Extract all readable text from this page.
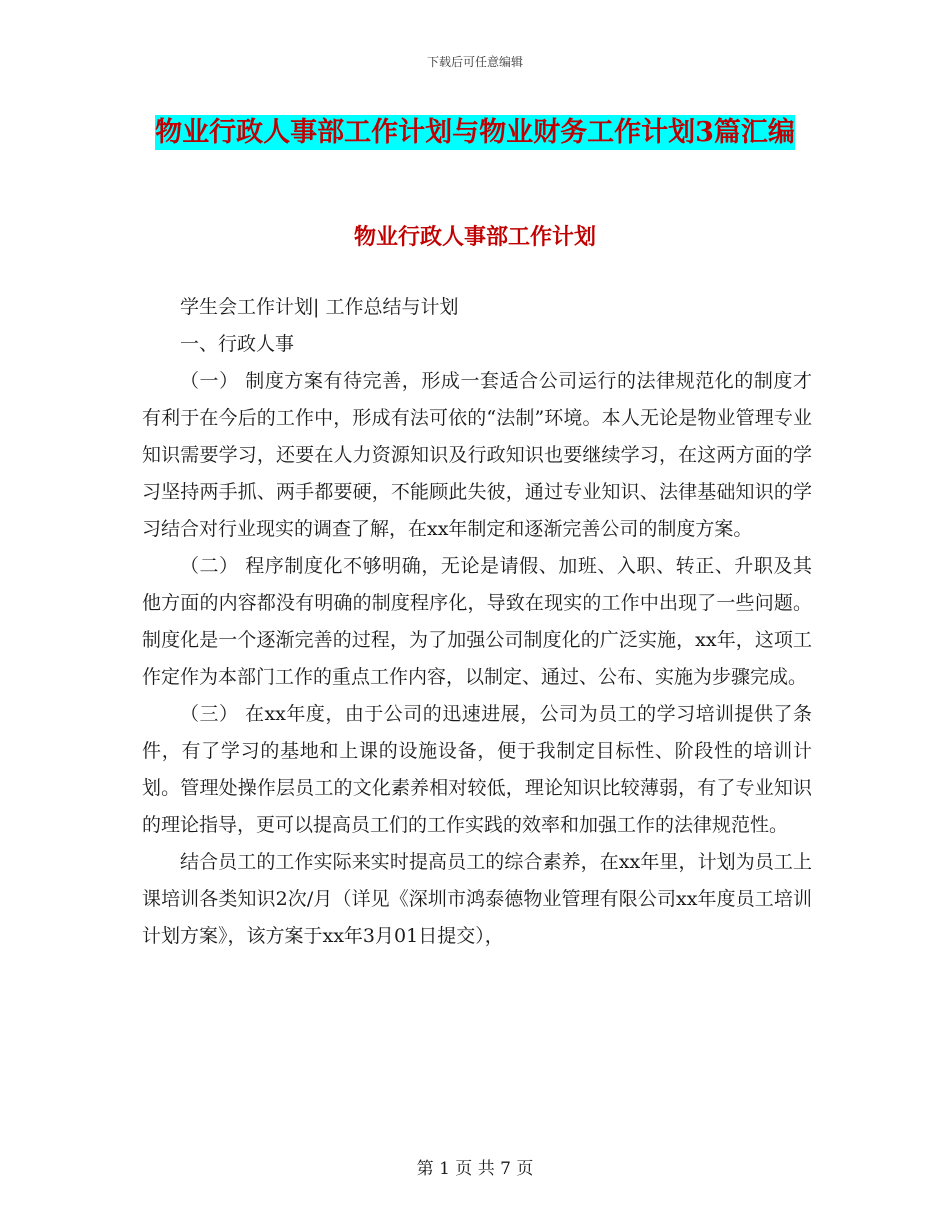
下载后可任意编辑
物业行政人事部工作计划与物业财务工作计划3篇汇编
物业行政人事部工作计划

学生会工作计划| 工作总结与计划

一、行政人事

（一） 制度方案有待完善，形成一套适合公司运行的法律规范化的制度才有利于在今后的工作中，形成有法可依的“法制”环境。本人无论是物业管理专业知识需要学习，还要在人力资源知识及行政知识也要继续学习，在这两方面的学习坚持两手抓、两手都要硬，不能顾此失彼，通过专业知识、法律基础知识的学习结合对行业现实的调查了解，在xx年制定和逐渐完善公司的制度方案。

（二） 程序制度化不够明确，无论是请假、加班、入职、转正、升职及其他方面的内容都没有明确的制度程序化，导致在现实的工作中出现了一些问题。制度化是一个逐渐完善的过程，为了加强公司制度化的广泛实施，xx年，这项工作定作为本部门工作的重点工作内容，以制定、通过、公布、实施为步骤完成。

（三） 在xx年度，由于公司的迅速进展，公司为员工的学习培训提供了条件，有了学习的基地和上课的设施设备，便于我制定目标性、阶段性的培训计划。管理处操作层员工的文化素养相对较低，理论知识比较薄弱，有了专业知识的理论指导，更可以提高员工们的工作实践的效率和加强工作的法律规范性。

结合员工的工作实际来实时提高员工的综合素养，在xx年里，计划为员工上课培训各类知识2次/月（详见《深圳市鸿泰德物业管理有限公司xx年度员工培训计划方案》，该方案于xx年3月01日提交），

第 1 页 共 7 页
